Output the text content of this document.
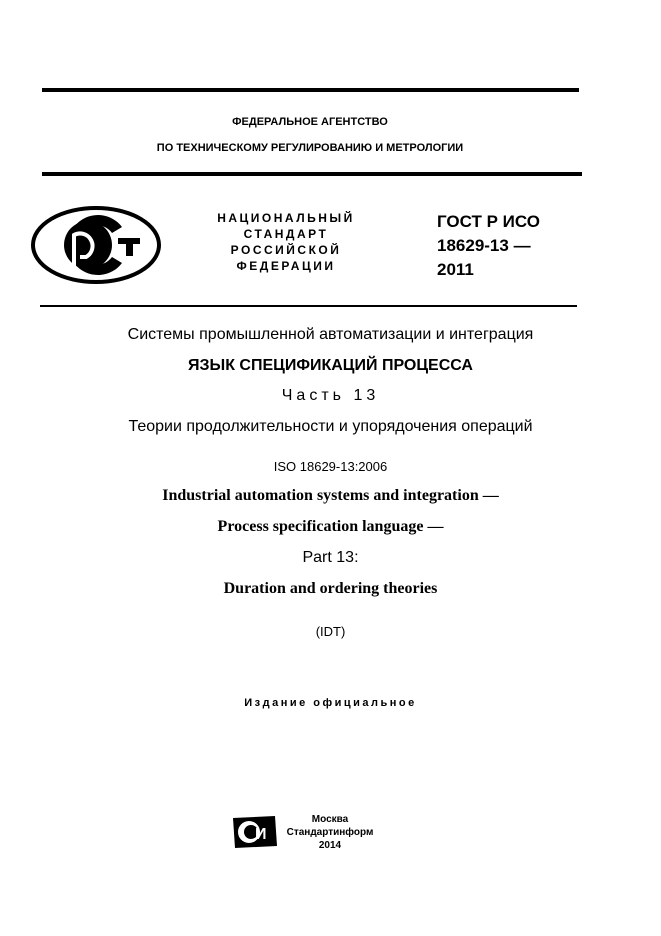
ФЕДЕРАЛЬНОЕ АГЕНТСТВО
ПО ТЕХНИЧЕСКОМУ РЕГУЛИРОВАНИЮ И МЕТРОЛОГИИ
НАЦИОНАЛЬНЫЙ
СТАНДАРТ
РОССИЙСКОЙ
ФЕДЕРАЦИИ
ГОСТ Р ИСО
18629-13 —
2011
Системы промышленной автоматизации и интеграция
ЯЗЫК СПЕЦИФИКАЦИЙ ПРОЦЕССА
Часть 13
Теории продолжительности и упорядочения операций
ISO 18629-13:2006
Industrial automation systems and integration —
Process specification language —
Part 13:
Duration and ordering theories
(IDT)
Издание официальное
И
Москва
Стандартинформ
2014
